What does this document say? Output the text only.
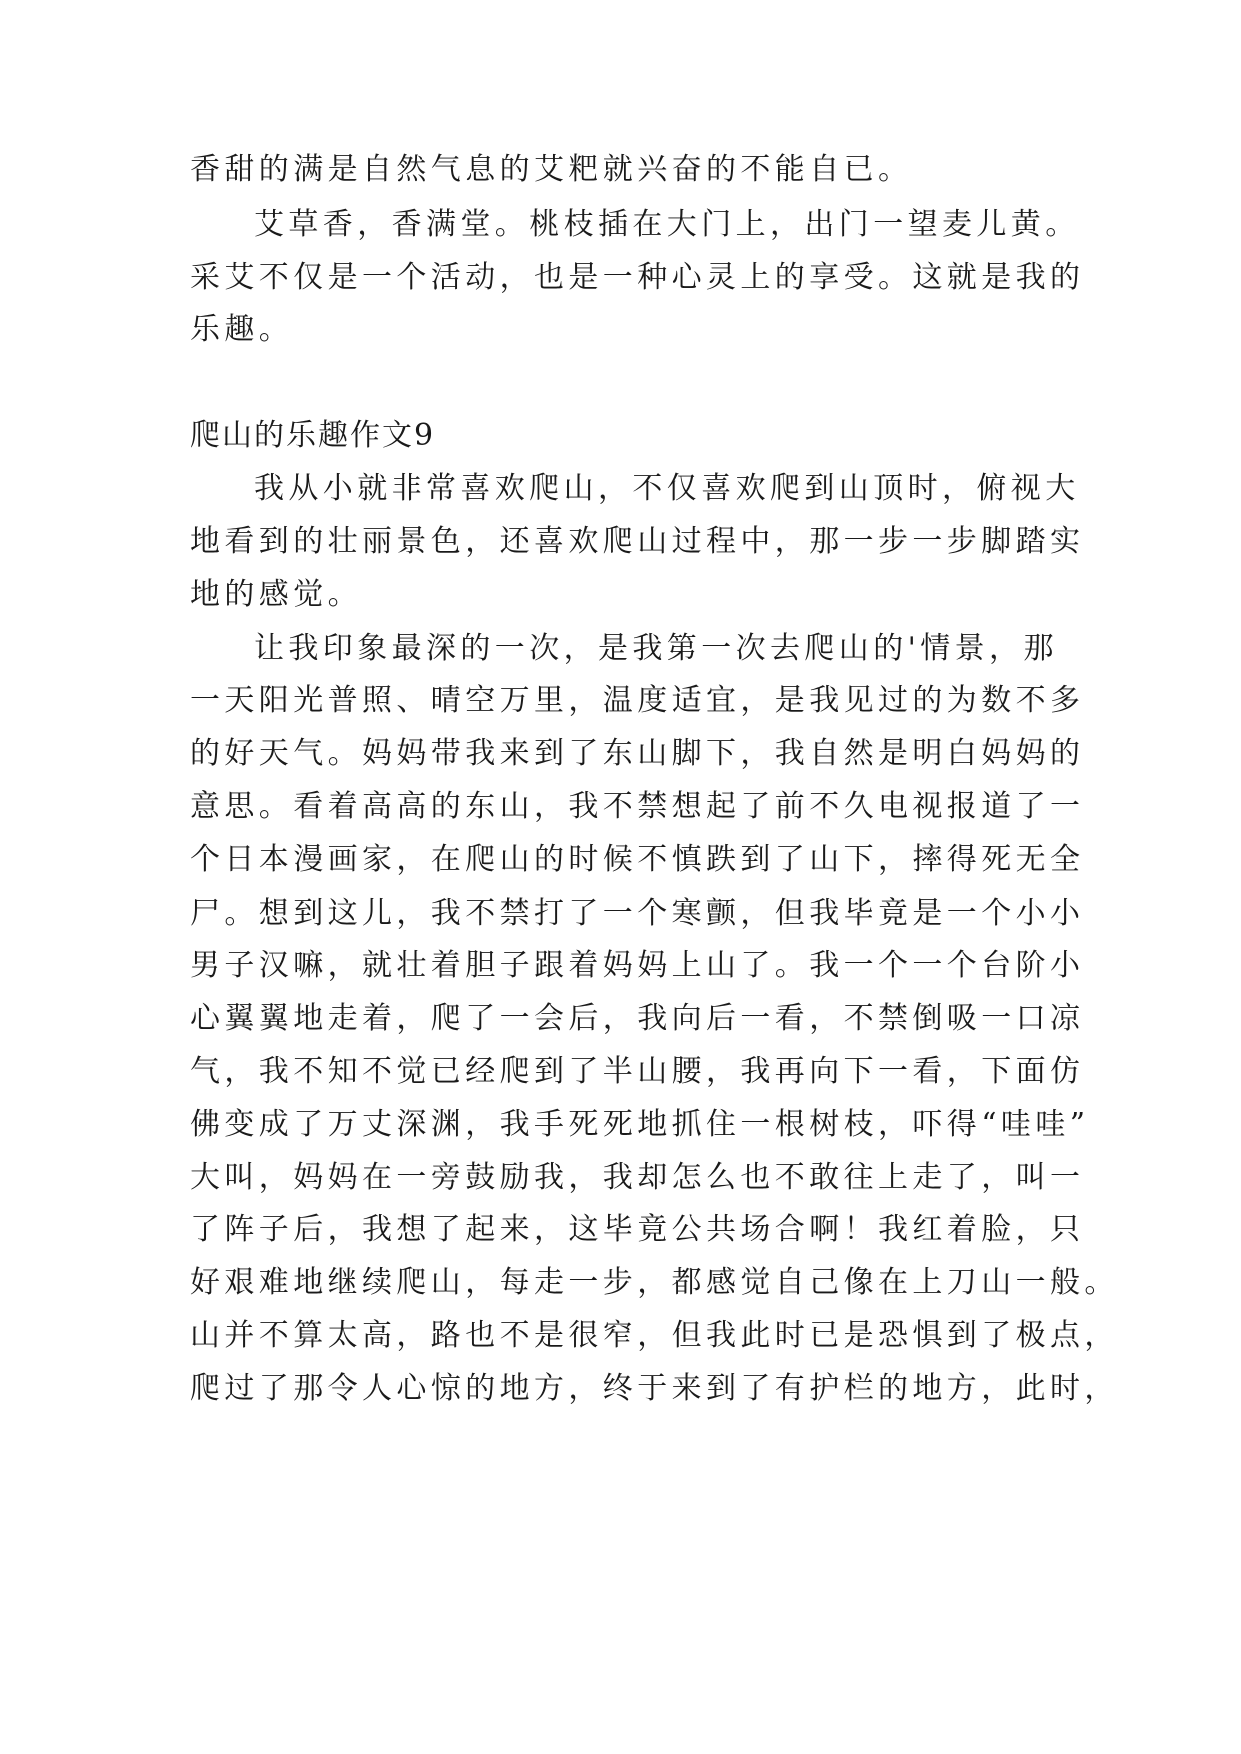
香甜的满是自然气息的艾粑就兴奋的不能自已。
艾草香，香满堂。桃枝插在大门上，出门一望麦儿黄。
采艾不仅是一个活动，也是一种心灵上的享受。这就是我的
乐趣。
爬山的乐趣作文9
我从小就非常喜欢爬山，不仅喜欢爬到山顶时，俯视大
地看到的壮丽景色，还喜欢爬山过程中，那一步一步脚踏实
地的感觉。
让我印象最深的一次，是我第一次去爬山的'情景，那
一天阳光普照、晴空万里，温度适宜，是我见过的为数不多
的好天气。妈妈带我来到了东山脚下，我自然是明白妈妈的
意思。看着高高的东山，我不禁想起了前不久电视报道了一
个日本漫画家，在爬山的时候不慎跌到了山下，摔得死无全
尸。想到这儿，我不禁打了一个寒颤，但我毕竟是一个小小
男子汉嘛，就壮着胆子跟着妈妈上山了。我一个一个台阶小
心翼翼地走着，爬了一会后，我向后一看，不禁倒吸一口凉
气，我不知不觉已经爬到了半山腰，我再向下一看，下面仿
佛变成了万丈深渊，我手死死地抓住一根树枝，吓得“哇哇”
大叫，妈妈在一旁鼓励我，我却怎么也不敢往上走了，叫一
了阵子后，我想了起来，这毕竟公共场合啊！我红着脸，只
好艰难地继续爬山，每走一步，都感觉自己像在上刀山一般。
山并不算太高，路也不是很窄，但我此时已是恐惧到了极点，
爬过了那令人心惊的地方，终于来到了有护栏的地方，此时，
